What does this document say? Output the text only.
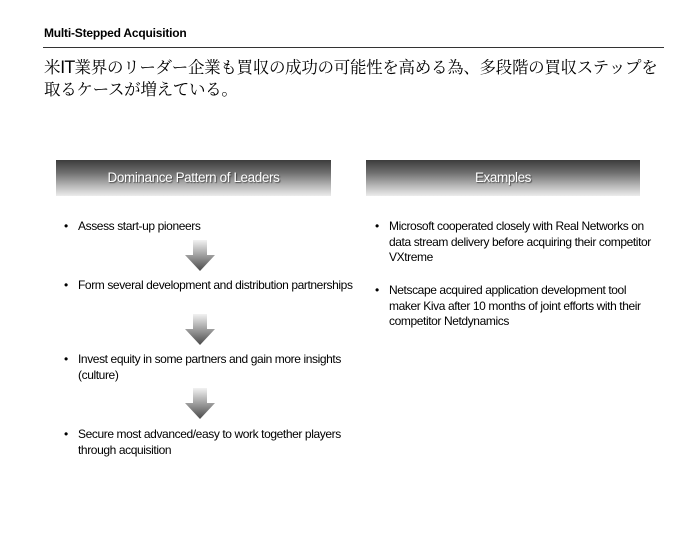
Multi-Stepped Acquisition
米IT業界のリーダー企業も買収の成功の可能性を高める為、多段階の買収ステップを取るケースが増えている。
Dominance Pattern of Leaders	Examples
• Assess start-up pioneers
• Form several development and distribution partnerships
• Invest equity in some partners and gain more insights (culture)
• Secure most advanced/easy to work together players through acquisition
• Microsoft cooperated closely with Real Networks on data stream delivery before acquiring their competitor VXtreme
• Netscape acquired application development tool maker Kiva after 10 months of joint efforts with their competitor Netdynamics
